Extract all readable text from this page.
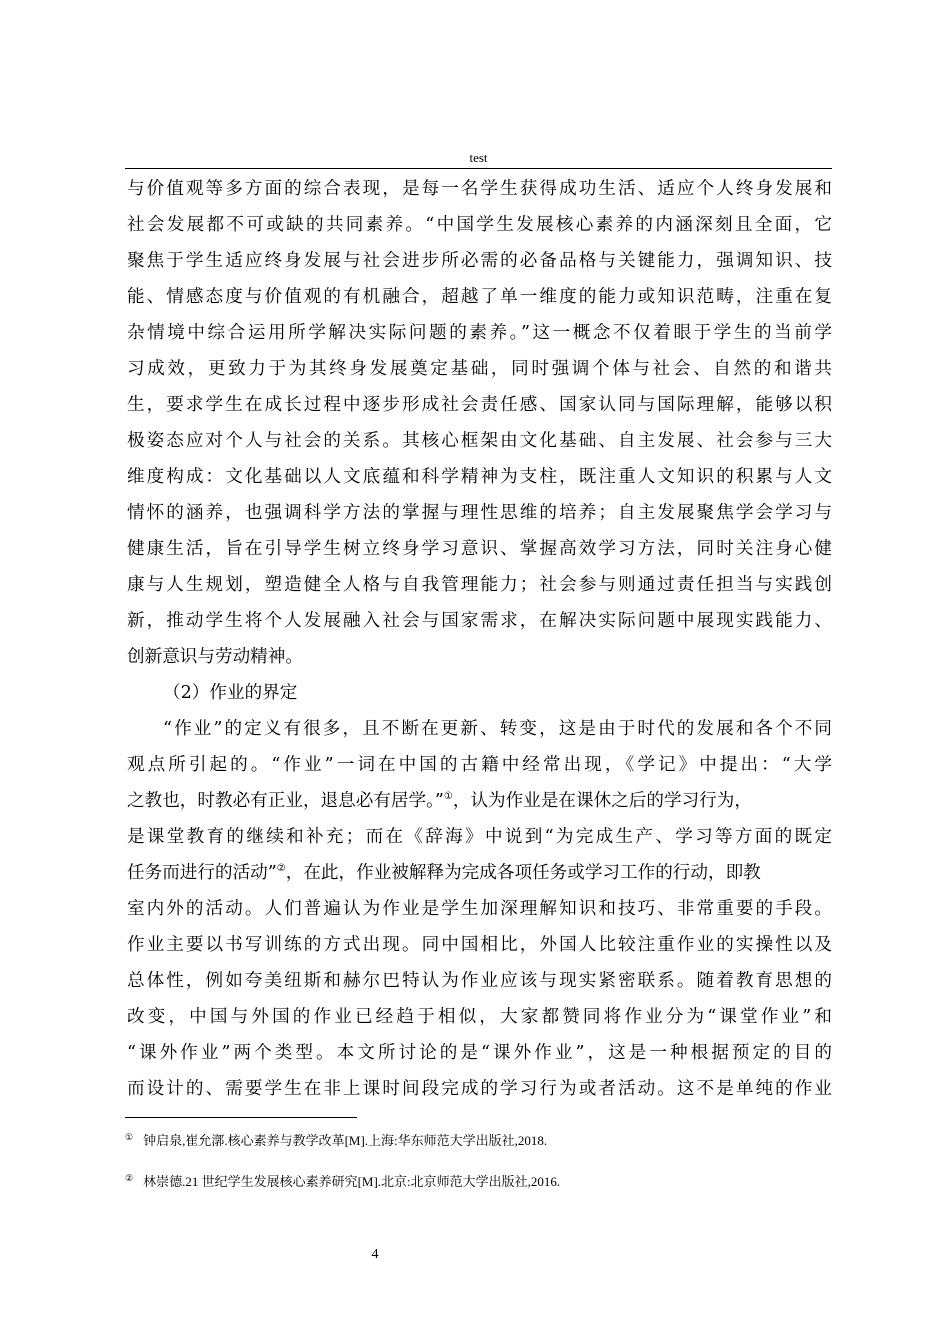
test
与价值观等多方面的综合表现，是每一名学生获得成功生活、适应个人终身发展和
社会发展都不可或缺的共同素养。“中国学生发展核心素养的内涵深刻且全面，它
聚焦于学生适应终身发展与社会进步所必需的必备品格与关键能力，强调知识、技
能、情感态度与价值观的有机融合，超越了单一维度的能力或知识范畴，注重在复
杂情境中综合运用所学解决实际问题的素养。”这一概念不仅着眼于学生的当前学
习成效，更致力于为其终身发展奠定基础，同时强调个体与社会、自然的和谐共
生，要求学生在成长过程中逐步形成社会责任感、国家认同与国际理解，能够以积
极姿态应对个人与社会的关系。其核心框架由文化基础、自主发展、社会参与三大
维度构成：文化基础以人文底蕴和科学精神为支柱，既注重人文知识的积累与人文
情怀的涵养，也强调科学方法的掌握与理性思维的培养；自主发展聚焦学会学习与
健康生活，旨在引导学生树立终身学习意识、掌握高效学习方法，同时关注身心健
康与人生规划，塑造健全人格与自我管理能力；社会参与则通过责任担当与实践创
新，推动学生将个人发展融入社会与国家需求，在解决实际问题中展现实践能力、
创新意识与劳动精神。
（2）作业的界定
“作业”的定义有很多，且不断在更新、转变，这是由于时代的发展和各个不同
观点所引起的。“作业”一词在中国的古籍中经常出现，《学记》中提出：“大学
之教也，时教必有正业，退息必有居学。”①，认为作业是在课休之后的学习行为，
是课堂教育的继续和补充；而在《辞海》中说到“为完成生产、学习等方面的既定
任务而进行的活动”②，在此，作业被解释为完成各项任务或学习工作的行动，即教
室内外的活动。人们普遍认为作业是学生加深理解知识和技巧、非常重要的手段。
作业主要以书写训练的方式出现。同中国相比，外国人比较注重作业的实操性以及
总体性，例如夸美纽斯和赫尔巴特认为作业应该与现实紧密联系。随着教育思想的
改变，中国与外国的作业已经趋于相似，大家都赞同将作业分为“课堂作业”和
“课外作业”两个类型。本文所讨论的是“课外作业”，这是一种根据预定的目的
而设计的、需要学生在非上课时间段完成的学习行为或者活动。这不是单纯的作业
① 钟启泉,崔允漷.核心素养与教学改革[M].上海:华东师范大学出版社,2018.
② 林崇德.21 世纪学生发展核心素养研究[M].北京:北京师范大学出版社,2016.
4
